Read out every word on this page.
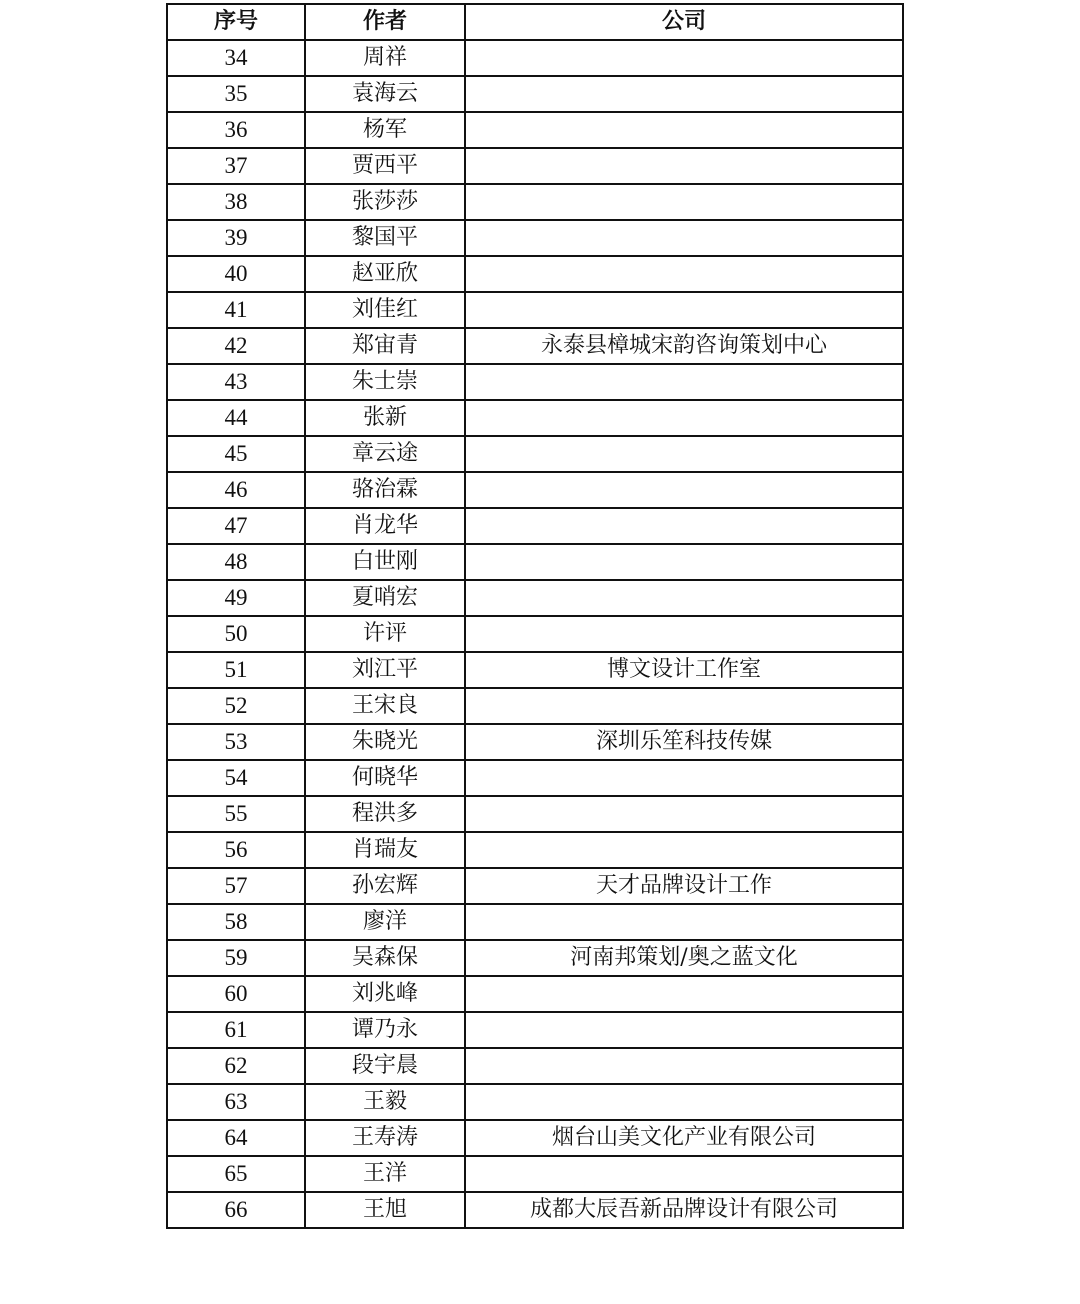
序号	作者	公司
34	周祥	
35	袁海云	
36	杨军	
37	贾西平	
38	张莎莎	
39	黎国平	
40	赵亚欣	
41	刘佳红	
42	郑宙青	永泰县樟城宋韵咨询策划中心
43	朱士崇	
44	张新	
45	章云途	
46	骆治霖	
47	肖龙华	
48	白世刚	
49	夏哨宏	
50	许评	
51	刘江平	博文设计工作室
52	王宋良	
53	朱晓光	深圳乐笙科技传媒
54	何晓华	
55	程洪多	
56	肖瑞友	
57	孙宏辉	天才品牌设计工作
58	廖洋	
59	吴森保	河南邦策划/奥之蓝文化
60	刘兆峰	
61	谭乃永	
62	段宇晨	
63	王毅	
64	王寿涛	烟台山美文化产业有限公司
65	王洋	
66	王旭	成都大辰吾新品牌设计有限公司
